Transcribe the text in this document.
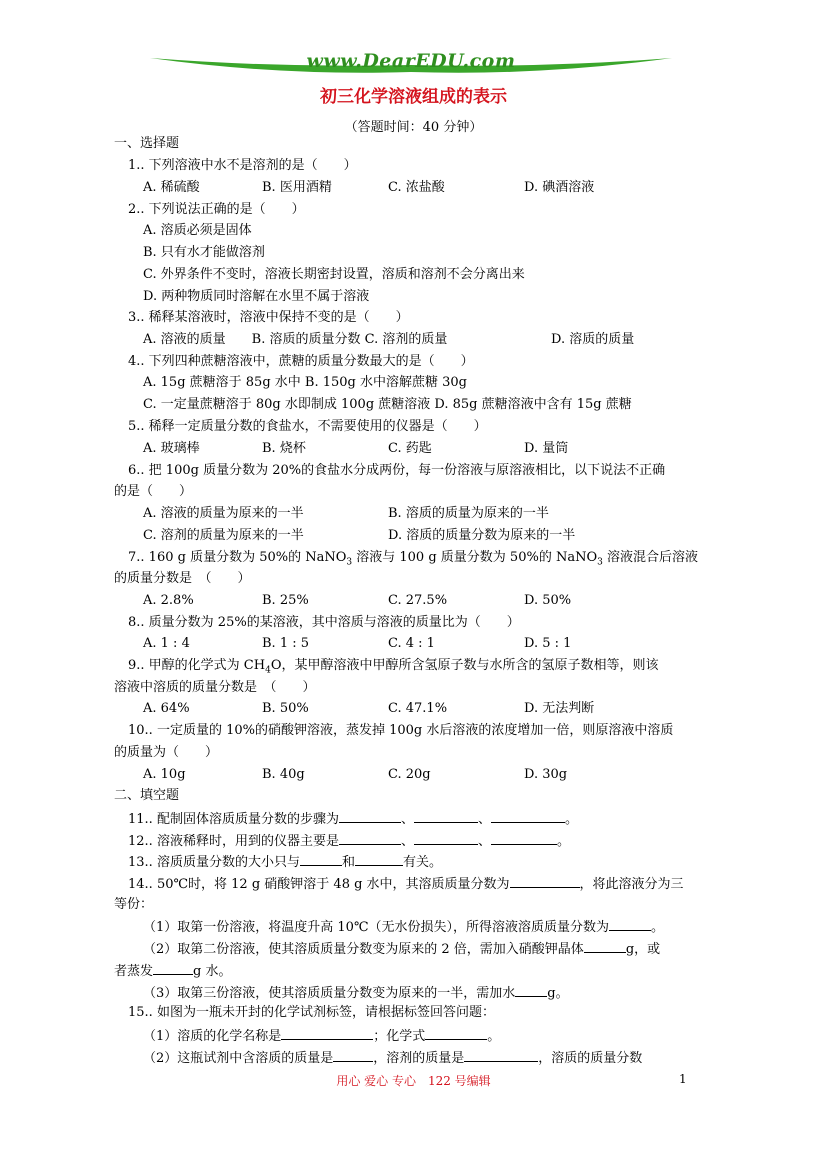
www.DearEDU.com
初三化学溶液组成的表示
（答题时间：40 分钟）
一、选择题
1.. 下列溶液中水不是溶剂的是（　　）
A. 稀硫酸	B. 医用酒精	C. 浓盐酸	D. 碘酒溶液
2.. 下列说法正确的是（　　）
A. 溶质必须是固体
B. 只有水才能做溶剂
C. 外界条件不变时，溶液长期密封设置，溶质和溶剂不会分离出来
D. 两种物质同时溶解在水里不属于溶液
3.. 稀释某溶液时，溶液中保持不变的是（　　）
A. 溶液的质量　　B. 溶质的质量分数 C. 溶剂的质量	D. 溶质的质量
4.. 下列四种蔗糖溶液中，蔗糖的质量分数最大的是（　　）
A. 15g 蔗糖溶于 85g 水中 B. 150g 水中溶解蔗糖 30g
C. 一定量蔗糖溶于 80g 水即制成 100g 蔗糖溶液 D. 85g 蔗糖溶液中含有 15g 蔗糖
5.. 稀释一定质量分数的食盐水，不需要使用的仪器是（　　）
A. 玻璃棒	B. 烧杯	C. 药匙	D. 量筒
6.. 把 100g 质量分数为 20%的食盐水分成两份，每一份溶液与原溶液相比，以下说法不正确
的是（　　）
A. 溶液的质量为原来的一半	B. 溶质的质量为原来的一半
C. 溶剂的质量为原来的一半	D. 溶质的质量分数为原来的一半
7.. 160 g 质量分数为 50%的 NaNO$_3$ 溶液与 100 g 质量分数为 50%的 NaNO$_3$ 溶液混合后溶液
的质量分数是　（　　）
A. 2.8%	B. 25%	C. 27.5%	D. 50%
8.. 质量分数为 25%的某溶液，其中溶质与溶液的质量比为（　　）
A. 1 : 4	B. 1 : 5	C. 4 : 1	D. 5 : 1
9.. 甲醇的化学式为 $CH_4O$，某甲醇溶液中甲醇所含氢原子数与水所含的氢原子数相等，则该
溶液中溶质的质量分数是　（　　）
A. 64%	B. 50%	C. 47.1%	D. 无法判断
10.. 一定质量的 10%的硝酸钾溶液，蒸发掉 100g 水后溶液的浓度增加一倍，则原溶液中溶质
的质量为（　　）
A. 10g	B. 40g	C. 20g	D. 30g
二、填空题
11.. 配制固体溶质质量分数的步骤为	、	、	。
12.. 溶液稀释时，用到的仪器主要是	、	、	。
13.. 溶质质量分数的大小只与	和	有关。
14.. 50℃时，将 12 g 硝酸钾溶于 48 g 水中，其溶质质量分数为	，将此溶液分为三
等份：
（1）取第一份溶液，将温度升高 10℃（无水份损失），所得溶液溶质质量分数为	。
（2）取第二份溶液，使其溶质质量分数变为原来的 2 倍，需加入硝酸钾晶体	g，或
者蒸发	g 水。
（3）取第三份溶液，使其溶质质量分数变为原来的一半，需加水 g。
15.. 如图为一瓶未开封的化学试剂标签，请根据标签回答问题：
（1）溶质的化学名称是	；化学式	。
（2）这瓶试剂中含溶质的质量是	，溶剂的质量是	，溶质的质量分数
用心 爱心 专心　122 号编辑	1
